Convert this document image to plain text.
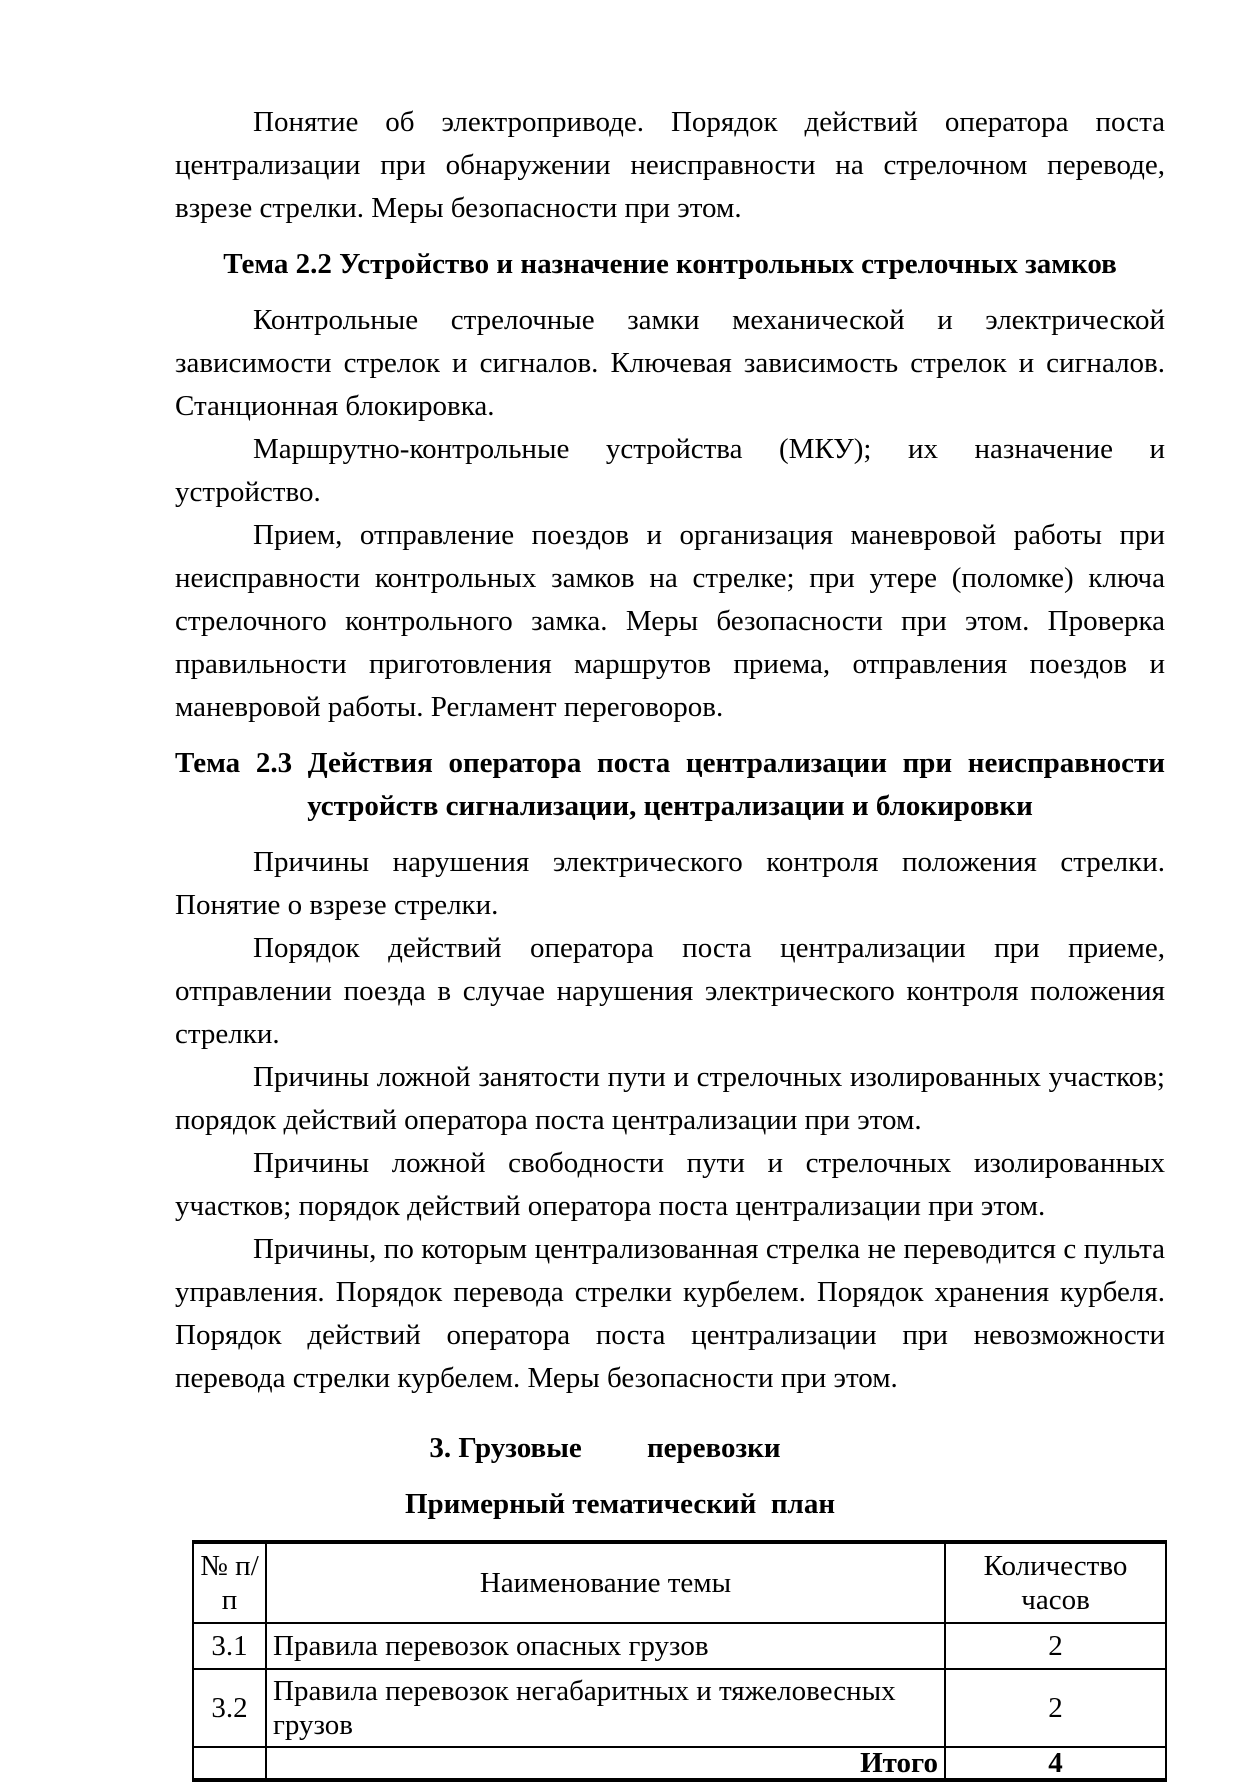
Понятие об электроприводе. Порядок действий оператора поста централизации при обнаружении неисправности на стрелочном переводе, взрезе стрелки. Меры безопасности при этом.

Тема 2.2 Устройство и назначение контрольных стрелочных замков

Контрольные стрелочные замки механической и электрической зависимости стрелок и сигналов. Ключевая зависимость стрелок и сигналов. Станционная блокировка.

Маршрутно-контрольные устройства (МКУ); их назначение и устройство.

Прием, отправление поездов и организация маневровой работы при неисправности контрольных замков на стрелке; при утере (поломке) ключа стрелочного контрольного замка. Меры безопасности при этом. Проверка правильности приготовления маршрутов приема, отправления поездов и маневровой работы. Регламент переговоров.

Тема 2.3 Действия оператора поста централизации при неисправности
устройств сигнализации, централизации и блокировки

Причины нарушения электрического контроля положения стрелки. Понятие о взрезе стрелки.

Порядок действий оператора поста централизации при приеме, отправлении поезда в случае нарушения электрического контроля положения стрелки.

Причины ложной занятости пути и стрелочных изолированных участков; порядок действий оператора поста централизации при этом.

Причины ложной свободности пути и стрелочных изолированных участков; порядок действий оператора поста централизации при этом.

Причины, по которым централизованная стрелка не переводится с пульта управления. Порядок перевода стрелки курбелем. Порядок хранения курбеля. Порядок действий оператора поста централизации при невозможности перевода стрелки курбелем. Меры безопасности при этом.

3. Грузовые         перевозки
Примерный тематический  план
№ п/п	Наименование темы	Количество часов
3.1	Правила перевозок опасных грузов	2
3.2	Правила перевозок негабаритных и тяжеловесных грузов	2
	Итого	4
